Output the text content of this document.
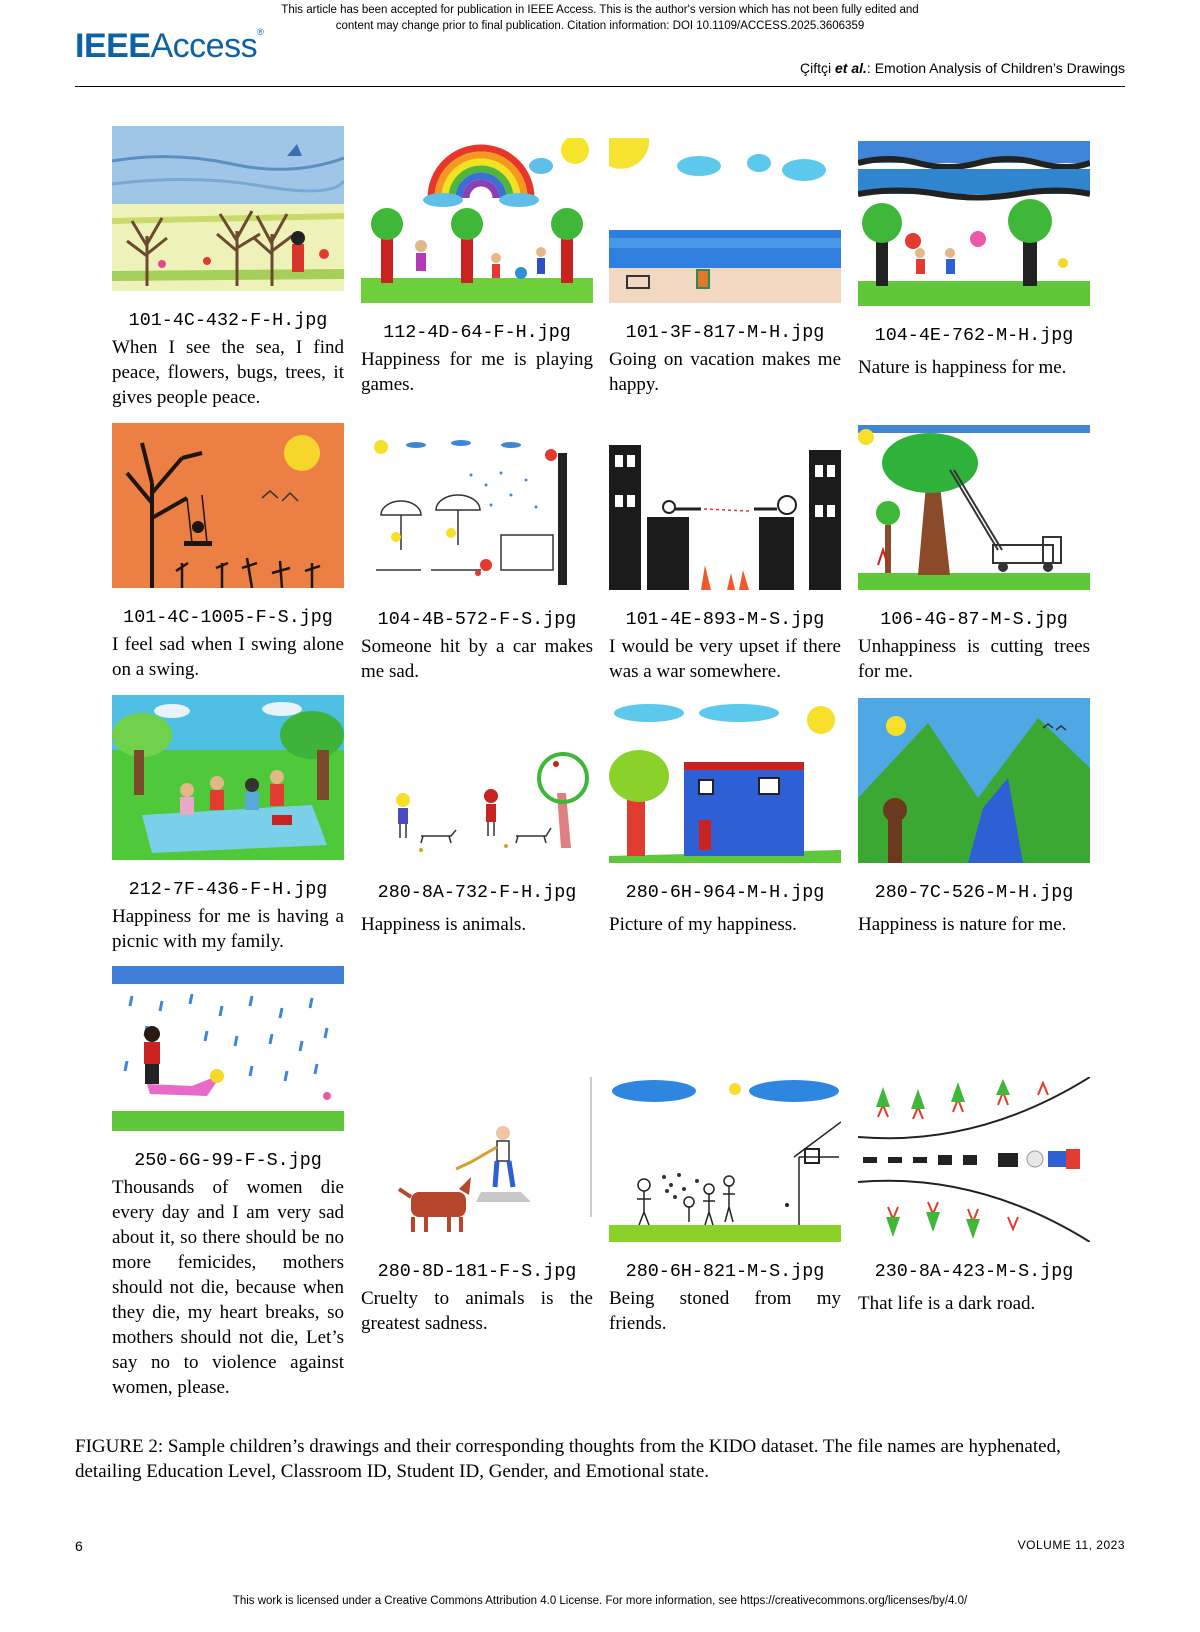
This article has been accepted for publication in IEEE Access. This is the author's version which has not been fully edited and
content may change prior to final publication. Citation information: DOI 10.1109/ACCESS.2025.3606359
IEEEAccess®
Çiftçi et al.: Emotion Analysis of Children’s Drawings
101-4C-432-F-H.jpg
When I see the sea, I find peace, flowers, bugs, trees, it gives people peace.
112-4D-64-F-H.jpg
Happiness for me is playing games.
101-3F-817-M-H.jpg
Going on vacation makes me happy.
104-4E-762-M-H.jpg
Nature is happiness for me.
101-4C-1005-F-S.jpg
I feel sad when I swing alone on a swing.
104-4B-572-F-S.jpg
Someone hit by a car makes me sad.
101-4E-893-M-S.jpg
I would be very upset if there was a war somewhere.
106-4G-87-M-S.jpg
Unhappiness is cutting trees for me.
212-7F-436-F-H.jpg
Happiness for me is having a picnic with my family.
280-8A-732-F-H.jpg
Happiness is animals.
280-6H-964-M-H.jpg
Picture of my happiness.
280-7C-526-M-H.jpg
Happiness is nature for me.
250-6G-99-F-S.jpg
Thousands of women die every day and I am very sad about it, so there should be no more femicides, mothers should not die, because when they die, my heart breaks, so mothers should not die, Let’s say no to violence against women, please.
280-8D-181-F-S.jpg
Cruelty to animals is the greatest sadness.
280-6H-821-M-S.jpg
Being stoned from my friends.
230-8A-423-M-S.jpg
That life is a dark road.
FIGURE 2: Sample children’s drawings and their corresponding thoughts from the KIDO dataset. The file names are hyphenated, detailing Education Level, Classroom ID, Student ID, Gender, and Emotional state.
6	VOLUME 11, 2023
This work is licensed under a Creative Commons Attribution 4.0 License. For more information, see https://creativecommons.org/licenses/by/4.0/
